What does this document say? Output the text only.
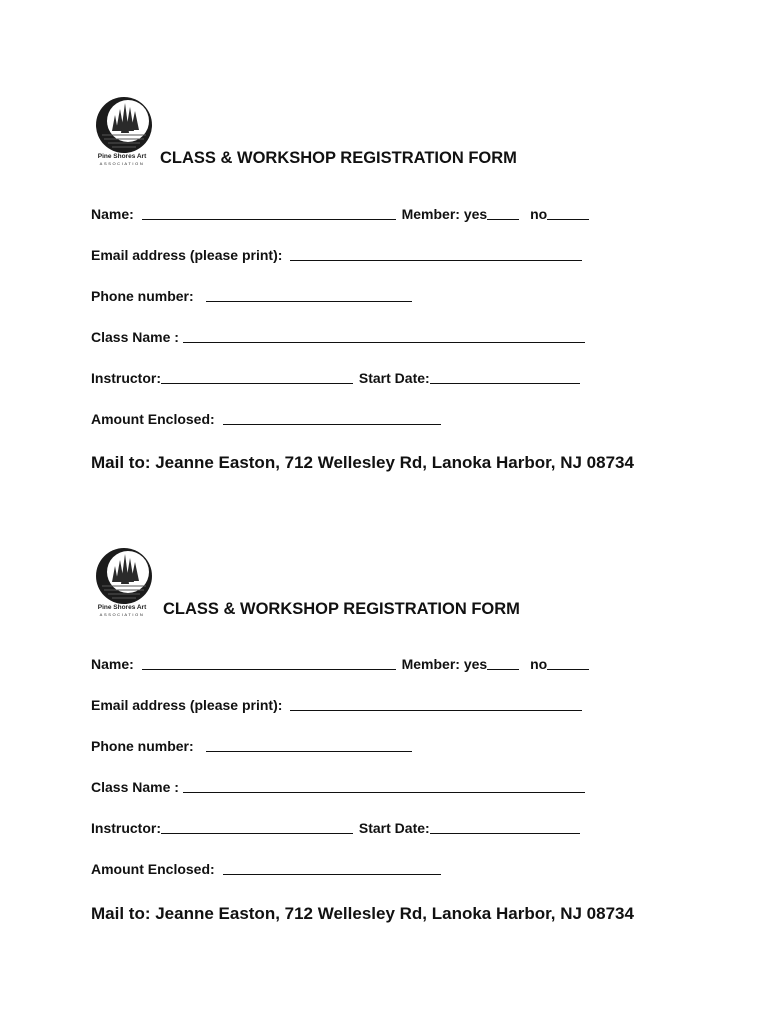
Pine Shores Art
ASSOCIATION CLASS & WORKSHOP REGISTRATION FORM
Name:	Member: yes	no
Email address (please print):
Phone number:
Class Name :
Instructor:	Start Date:
Amount Enclosed:
Mail to: Jeanne Easton, 712 Wellesley Rd, Lanoka Harbor, NJ 08734
Pine Shores Art
ASSOCIATION	CLASS & WORKSHOP REGISTRATION FORM
Name:	Member: yes	no
Email address (please print):
Phone number:
Class Name :
Instructor:	Start Date:
Amount Enclosed:
Mail to: Jeanne Easton, 712 Wellesley Rd, Lanoka Harbor, NJ 08734
